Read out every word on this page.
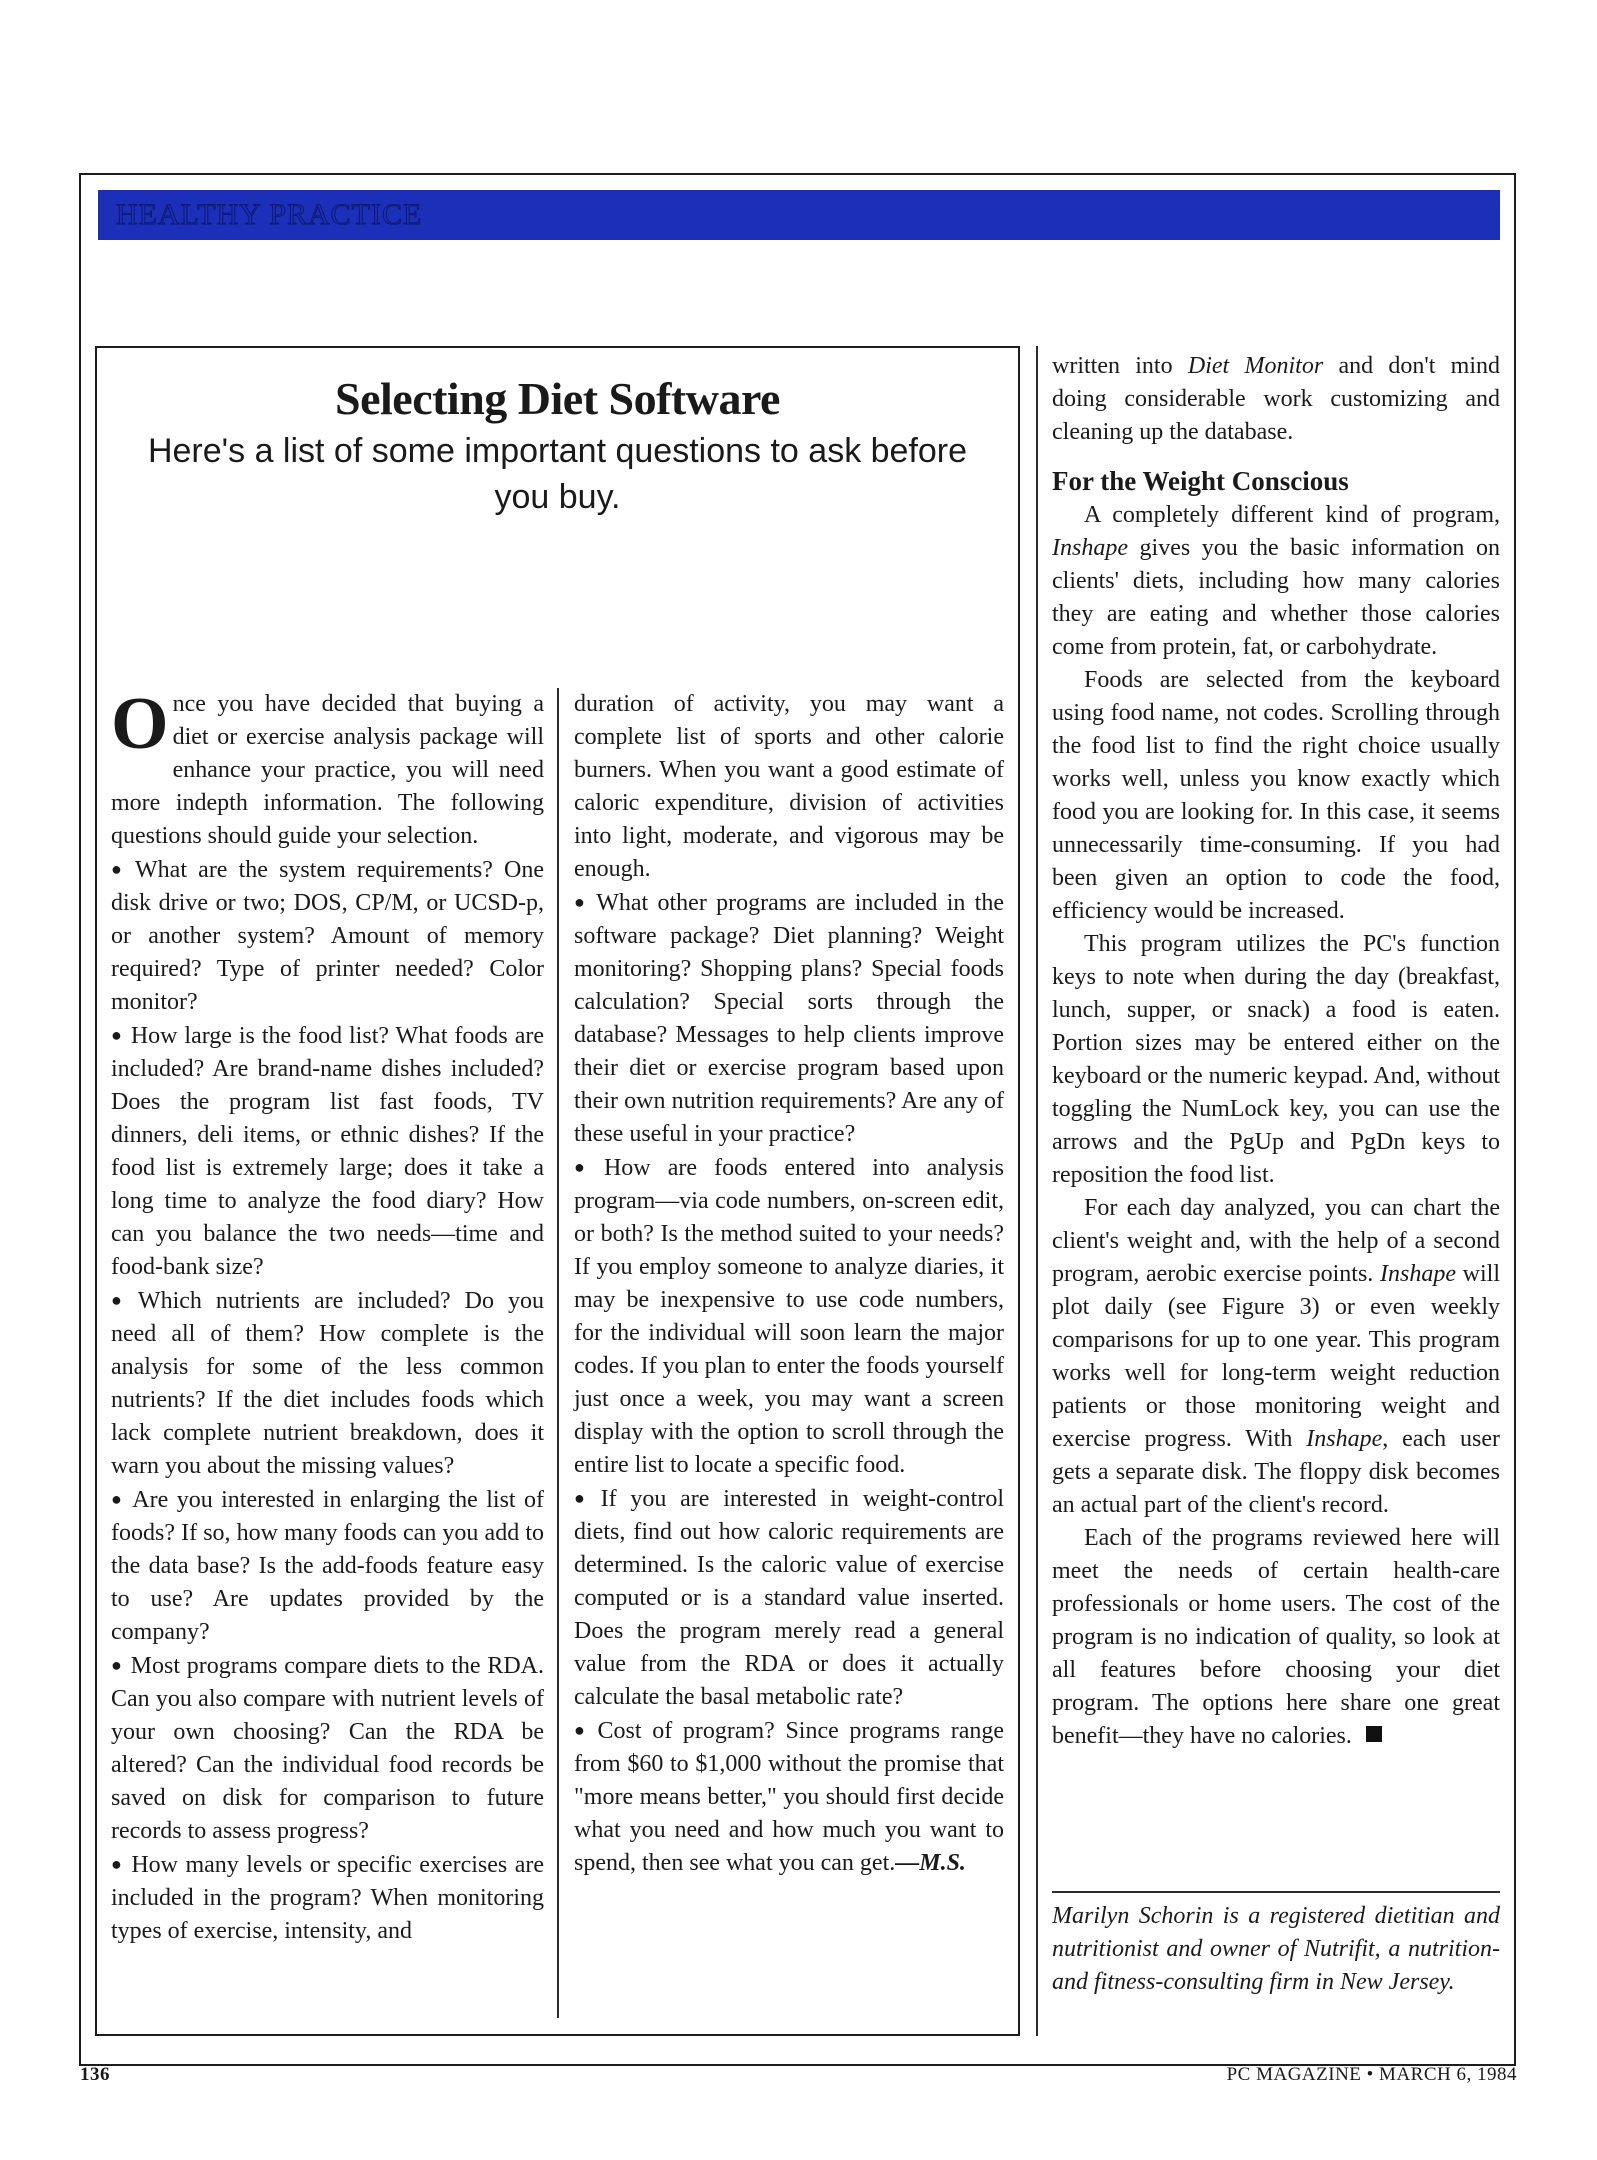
HEALTHY PRACTICE
Selecting Diet Software
Here's a list of some important questions to ask before you buy.

Once you have decided that buying a diet or exercise analysis package will enhance your practice, you will need more indepth information. The following questions should guide your selection.

● What are the system requirements? One disk drive or two; DOS, CP/M, or UCSD-p, or another system? Amount of memory required? Type of printer needed? Color monitor?

● How large is the food list? What foods are included? Are brand-name dishes included? Does the program list fast foods, TV dinners, deli items, or ethnic dishes? If the food list is extremely large; does it take a long time to analyze the food diary? How can you balance the two needs—time and food-bank size?

● Which nutrients are included? Do you need all of them? How complete is the analysis for some of the less common nutrients? If the diet includes foods which lack complete nutrient breakdown, does it warn you about the missing values?

● Are you interested in enlarging the list of foods? If so, how many foods can you add to the data base? Is the add-foods feature easy to use? Are updates provided by the company?

● Most programs compare diets to the RDA. Can you also compare with nutrient levels of your own choosing? Can the RDA be altered? Can the individual food records be saved on disk for comparison to future records to assess progress?

● How many levels or specific exercises are included in the program? When monitoring types of exercise, intensity, and

duration of activity, you may want a complete list of sports and other calorie burners. When you want a good estimate of caloric expenditure, division of activities into light, moderate, and vigorous may be enough.

● What other programs are included in the software package? Diet planning? Weight monitoring? Shopping plans? Special foods calculation? Special sorts through the database? Messages to help clients improve their diet or exercise program based upon their own nutrition requirements? Are any of these useful in your practice?

● How are foods entered into analysis program—via code numbers, on-screen edit, or both? Is the method suited to your needs? If you employ someone to analyze diaries, it may be inexpensive to use code numbers, for the individual will soon learn the major codes. If you plan to enter the foods yourself just once a week, you may want a screen display with the option to scroll through the entire list to locate a specific food.

● If you are interested in weight-control diets, find out how caloric requirements are determined. Is the caloric value of exercise computed or is a standard value inserted. Does the program merely read a general value from the RDA or does it actually calculate the basal metabolic rate?

● Cost of program? Since programs range from $60 to $1,000 without the promise that "more means better," you should first decide what you need and how much you want to spend, then see what you can get.—M.S.

written into Diet Monitor and don't mind doing considerable work customizing and cleaning up the database.

For the Weight Conscious

A completely different kind of program, Inshape gives you the basic information on clients' diets, including how many calories they are eating and whether those calories come from protein, fat, or carbohydrate.

Foods are selected from the keyboard using food name, not codes. Scrolling through the food list to find the right choice usually works well, unless you know exactly which food you are looking for. In this case, it seems unnecessarily time-consuming. If you had been given an option to code the food, efficiency would be increased.

This program utilizes the PC's function keys to note when during the day (breakfast, lunch, supper, or snack) a food is eaten. Portion sizes may be entered either on the keyboard or the numeric keypad. And, without toggling the NumLock key, you can use the arrows and the PgUp and PgDn keys to reposition the food list.

For each day analyzed, you can chart the client's weight and, with the help of a second program, aerobic exercise points. Inshape will plot daily (see Figure 3) or even weekly comparisons for up to one year. This program works well for long-term weight reduction patients or those monitoring weight and exercise progress. With Inshape, each user gets a separate disk. The floppy disk becomes an actual part of the client's record.

Each of the programs reviewed here will meet the needs of certain health-care professionals or home users. The cost of the program is no indication of quality, so look at all features before choosing your diet program. The options here share one great benefit—they have no calories.

Marilyn Schorin is a registered dietitian and nutritionist and owner of Nutrifit, a nutrition- and fitness-consulting firm in New Jersey.
136	PC MAGAZINE • MARCH 6, 1984
